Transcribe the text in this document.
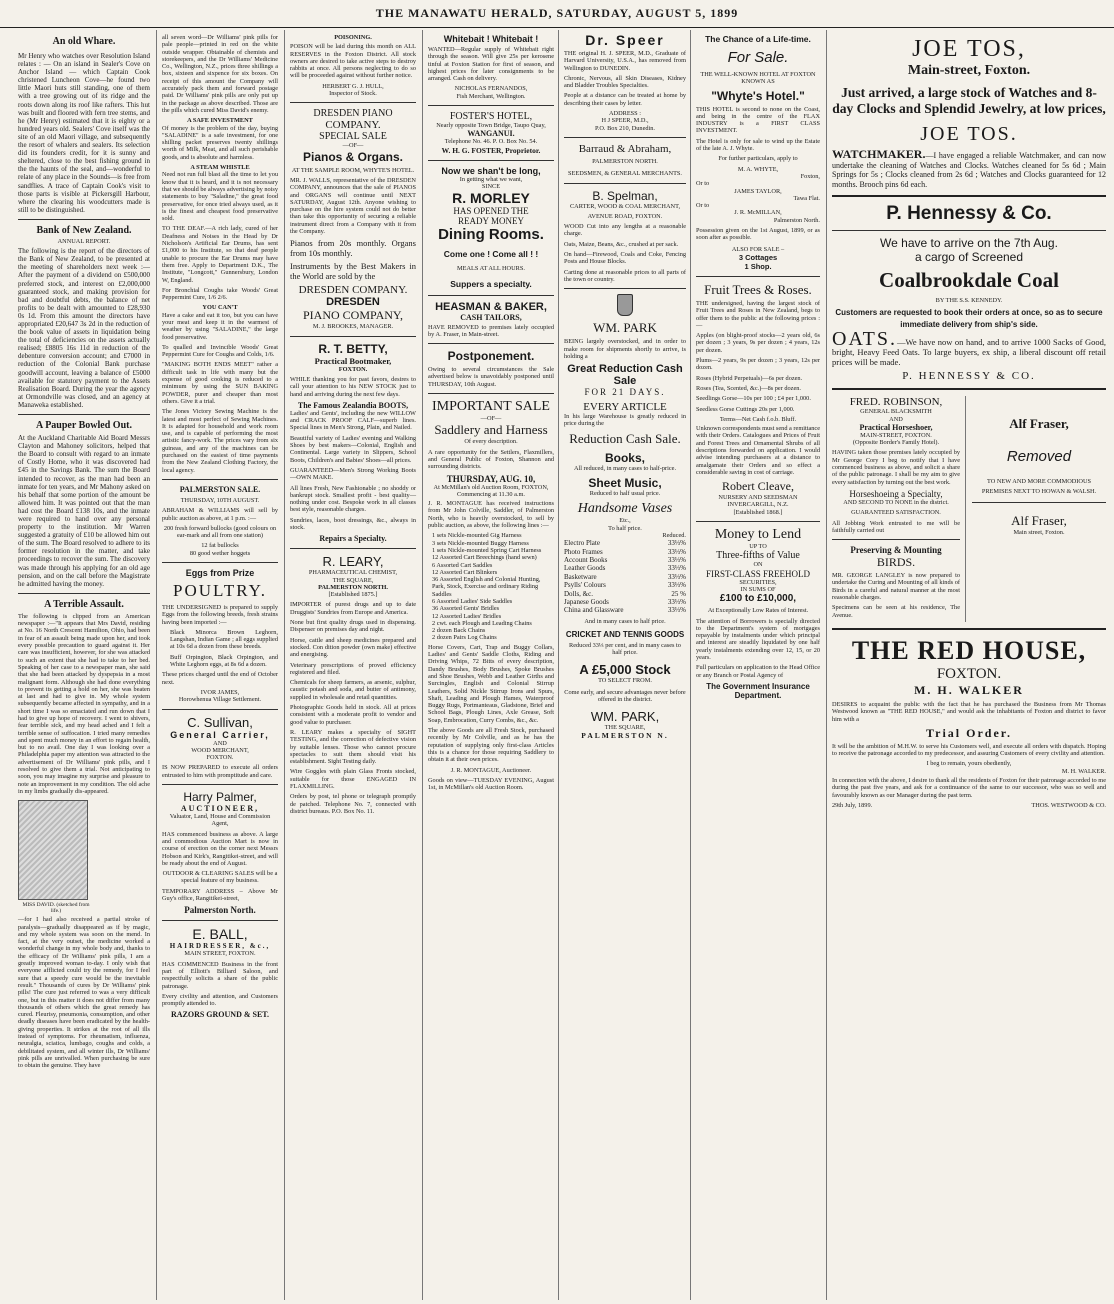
THE MANAWATU HERALD, SATURDAY, AUGUST 5, 1899
An old Whare.
Mr Henry who watches over Resolution Island relates : — On an island in Sealer's Cove on Anchor Island — which Captain Cook christened Luncheon Cove—he found two little Maori huts still standing, one of them with a tree growing out of its ridge and the roots down along its roof like rafters. This hut was built and floored with fern tree stems, and he (Mr Henry) estimated that it is eighty or a hundred years old. Sealers' Cove itself was the site of an old Maori village, and subsequently the resort of whalers and sealers. Its selection did its founders credit, for it is sunny and sheltered, close to the best fishing ground in the the haunts of the seal, and—wonderful to relate of any place in the Sounds—is free from sandflies. A trace of Captain Cook's visit to those parts is visible at Pickersgill Harbour, where the clearing his woodcutters made is still to be distinguished.
Bank of New Zealand.
ANNUAL REPORT.
The following is the report of the directors of the Bank of New Zealand, to be presented at the meeting of shareholders next week :—After the payment of a dividend on £500,000 preferred stock, and interest on £2,000,000 guaranteed stock, and making provision for bad and doubtful debts, the balance of net profits to be dealt with amounted to £28,930 0s 1d. From this amount the directors have appropriated £20,647 3s 2d in the reduction of the book value of assets in liquidation being the total of deficiencies on the assets actually realised; £8805 16s 11d in reduction of the debenture conversion account; and £7000 in reduction of the Colonial Bank purchase goodwill account, leaving a balance of £5000 available for statutory payment to the Assets Realisation Board. During the year the agency at Ormondville was closed, and an agency at Manaweka established.
A Pauper Bowled Out.
At the Auckland Charitable Aid Board Messrs Clayton and Mahoney solicitors, helped that the Board to consult with regard to an inmate of Costly Home, who it was discovered had £45 in the Savings Bank. The sum the Board intended to recover, as the man had been an inmate for ten years, and Mr Mahony asked on his behalf that some portion of the amount be allowed him. It was pointed out that the man had cost the Board £138 10s, and the inmate were required to hand over any personal property to the institution. Mr Warren suggested a gratuity of £10 be allowed him out of the sum. The Board resolved to adhere to its former resolution in the matter, and take proceedings to recover the sum. The discovery was made through his applying for an old age pension, and on the call before the Magistrate he admitted having the money.
A Terrible Assault.
The following is clipped from an American newspaper :—"It appears that Mrs David, residing at No. 16 North Crescent Hamilton, Ohio, had been in fear of an assault being made upon her, and took every possible precaution to guard against it. Her care was insufficient, however, for she was attacked to such an extent that she had to take to her bed. Speaking of her case to a newspaper man, she said that she had been attacked by dyspepsia in a most malignant form. Although she had done everything to prevent its getting a hold on her, she was beaten at last and had to give in. My whole system subsequently became affected in sympathy, and in a short time I was so emaciated and run down that I had to give up hope of recovery. I went to shivers, fear terrible sick, and my head ached and I felt a terrible sense of suffocation. I tried many remedies and spent much money in an effort to regain health, but to no avail. One day I was looking over a Philadelphia paper my attention was attracted to the advertisement of Dr Williams' pink pills, and I resolved to give them a trial. Not anticipating to soon, you may imagine my surprise and pleasure to note an improvement in my condition. The old ache in my limbs gradually dis-appeared.
MISS DAVID. (sketched from life.)
—for I had also received a partial stroke of paralysis—gradually disappeared as if by magic, and my whole system was soon on the mend. In fact, at the very outset, the medicine worked a wonderful change in my whole body and, thanks to the efficacy of Dr Williams' pink pills, I am a greatly improved woman to-day. I only wish that everyone afflicted could try the remedy, for I feel sure that a speedy cure would be the inevitable result." Thousands of cures by Dr Williams' pink pills! The cure just referred to was a very difficult one, but in this matter it does not differ from many thousands of others which the great remedy has cured. Fleurisy, pneumonia, consumption, and other deadly diseases have been eradicated by the health-giving properties. It strikes at the root of all ills instead of symptoms. For rheumatism, influenza, neuralgia, sciatica, lumbago, coughs and colds, a debilitated system, and all winter ills, Dr Williams' pink pills are unrivalled. When purchasing be sure to obtain the genuine. They have
all seven word—Dr Williams' pink pills for pale people—printed in red on the white outside wrapper. Obtainable of chemists and storekeepers, and the Dr Williams' Medicine Co., Wellington, N.Z., prices three shillings a box, sixteen and sixpence for six boxes. On receipt of this amount the Company will accurately pack them and forward postage paid. Dr Williams' pink pills are only put up in the package as above described. Those are the pills which cured Miss David's enemy.
A SAFE INVESTMENT
Of money is the problem of the day, buying "SALADINE" is a safe investment, for one shilling packet preserves twenty shillings worth of Milk, Meat, and all such perishable goods, and is absolute and harmless.
A STEAM WHISTLE
Need not run full blast all the time to let you know that it is heard, and it is not necessary that we should be always advertising by noisy statements to buy "Saladine," the great food preservative, for once tried always used, as it is the finest and cheapest food preservative sold.
TO THE DEAF.—A rich lady, cured of her Deafness and Noises in the Head by Dr Nicholson's Artificial Ear Drums, has sent £1,000 to his Institute, so that deaf people unable to procure the Ear Drums may have them free. Apply to Department D.K., The Institute, "Longcott," Gunnersbury, London W, England.
For Bronchial Coughs take Woods' Great Peppermint Cure, 1/6 2/6.
YOU CAN'T
Have a cake and eat it too, but you can have your meat and keep it in the warmest of weather by using "SALADINE," the large food preservative.
To qualled and Invincible Woods' Great Peppermint Cure for Coughs and Colds, 1/6.
"MAKING BOTH ENDS MEET" rather a difficult task in life with many but the expense of good cooking is reduced to a minimum by using the SUN BAKING POWDER, purer and cheaper than most others. Give it a trial.
The Jones Victory Sewing Machine is the latest and most perfect of Sewing Machines. It is adapted for household and work room use, and is capable of performing the most artistic fancy-work. The prices vary from six guineas, and any of the machines can be purchased on the easiest of time payments from the New Zealand Clothing Factory, the local agency.
PALMERSTON SALE.
THURSDAY, 10TH AUGUST.
ABRAHAM & WILLIAMS will sell by public auction as above, at 1 p.m. :—
200 fresh forward bullocks (good colours on ear-mark and all from one station)
12 fat bullocks
80 good wether hoggets
Eggs from Prize
POULTRY.
THE UNDERSIGNED is prepared to supply Eggs from the following breeds, fresh strains having been imported :—
Black Minorca Brown Leghorn, Langshan, Indian Game ; all eggs supplied at 10s 6d a dozen from these breeds.
Buff Orpington, Black Orpington, and White Leghorn eggs, at 8s 6d a dozen.
These prices charged until the end of October next.
IVOR JAMES,
Horowhenua Village Settlement.
C. Sullivan,
General Carrier,
AND
WOOD MERCHANT,
FOXTON.
IS NOW PREPARED to execute all orders entrusted to him with promptitude and care.
Harry Palmer,
AUCTIONEER,
Valuator, Land, House and Commission Agent,
HAS commenced business as above. A large and commodious Auction Mart is now in course of erection on the corner next Messrs Hobson and Kirk's, Rangitikei-street, and will be ready about the end of August.
OUTDOOR & CLEARING SALES will be a special feature of my business.
TEMPORARY ADDRESS – Above Mr Guy's office, Rangitikei-street,
Palmerston North.
E. BALL,
HAIRDRESSER, &c.,
MAIN STREET, FOXTON.
HAS COMMENCED Business in the front part of Elliott's Billiard Saloon, and respectfully solicits a share of the public patronage.
Every civility and attention, and Customers promptly attended to.
RAZORS GROUND & SET.
POISONING.
POISON will be laid during this month on ALL RESERVES in the Foxton District. All stock owners are desired to take active steps to destroy rabbits at once. All persons neglecting to do so will be proceeded against without further notice.
HERBERT G. J. HULL,
Inspector of Stock.
DRESDEN PIANO
COMPANY.
SPECIAL SALE
—OF—
Pianos & Organs.
AT THE SAMPLE ROOM, WHYTE'S HOTEL.
MR. J. WALLS, representative of the DRESDEN COMPANY, announces that the sale of PIANOS and ORGANS will continue until NEXT SATURDAY, August 12th. Anyone wishing to purchase on the hire system could not do better than take this opportunity of securing a reliable instrument direct from a Company with it from the Company.
Pianos from 20s monthly. Organs from 10s monthly.
Instruments by the Best Makers in the World are sold by the
DRESDEN COMPANY.
DRESDEN
PIANO COMPANY,
M. J. BROOKES, MANAGER.
R. T. BETTY,
Practical Bootmaker,
FOXTON.
WHILE thanking you for past favors, desires to call your attention to his NEW STOCK just to hand and arriving during the next few days.
The Famous Zealandia BOOTS,
Ladies' and Gents', including the new WILLOW and CRACK PROOF CALF—superb lines. Special lines in Men's Strong, Plain, and Nailed.
Beautiful variety of Ladies' evening and Walking Shoes by best makers—Colonial, English and Continental. Large variety in Slippers, School Boots, Children's and Babies' Shoes—all prices.
GUARANTEED—Men's Strong Working Boots—OWN MAKE.
All lines Fresh, New Fashionable ; no shoddy or bankrupt stock. Smallest profit - best quality—nothing under cost. Bespoke work in all classes best style, reasonable charges.
Sundries, laces, boot dressings, &c., always in stock.
Repairs a Specialty.
R. LEARY,
PHARMACEUTICAL CHEMIST,
THE SQUARE,
PALMERSTON NORTH.
[Established 1875.]
IMPORTER of purest drugs and up to date Druggists' Sundries from Europe and America.
None but first quality drugs used in dispensing. Dispenser on premises day and night.
Horse, cattle and sheep medicines prepared and stocked. Con dition powder (own make) effective and energising.
Veterinary prescriptions of proved efficiency registered and filed.
Chemicals for sheep farmers, as arsenic, sulphur, caustic potash and soda, and butter of antimony, supplied in wholesale and retail quantities.
Photographic Goods held in stock. All at prices consistent with a moderate profit to vendor and good value to purchaser.
R. LEARY makes a specialty of SIGHT TESTING, and the correction of defective vision by suitable lenses. Those who cannot procure spectacles to suit them should visit his establishment. Sight Testing daily.
Wire Goggles with plain Glass Fronts stocked, suitable for those ENGAGED IN FLAXMILLING.
Orders by post, tel phone or telegraph promptly de patched. Telephone No. 7, connected with district bureaus. P.O. Box No. 11.
Whitebait ! Whitebait !
WANTED—Regular supply of Whitebait right through the season. Will give 25s per kerosene tinful at Foxton Station for first of season, and highest prices for later consignments to be arranged. Cash on delivery.
NICHOLAS FERNANDOS,
Fish Merchant, Wellington.
FOSTER'S HOTEL,
Nearly opposite Town Bridge, Taupo Quay,
WANGANUI.
Telephone No. 46. P. O. Box No. 54.
W. H. G. FOSTER, Proprietor.
Now we shan't be long,
In getting what we want,
SINCE
R. MORLEY
HAS OPENED THE
READY MONEY
Dining Rooms.
Come one ! Come all ! !
MEALS AT ALL HOURS.
Suppers a specialty.
HEASMAN & BAKER,
CASH TAILORS,
HAVE REMOVED to premises lately occupied by A. Fraser, in Main-street.
Postponement.
Owing to several circumstances the Sale advertised below is unavoidably postponed until THURSDAY, 10th August.
IMPORTANT SALE
—OF—
Saddlery and Harness
Of every description.
A rare opportunity for the Settlers, Flaxmillers, and General Public of Foxton, Shannon and surrounding districts.
THURSDAY, AUG. 10,
At McMillan's old Auction Room, FOXTON,
Commencing at 11.30 a.m.
J. R. MONTAGUE has received instructions from Mr John Colville, Saddler, of Palmerston North, who is heavily overstocked, to sell by public auction, as above, the following lines :—
1 sets Nickle-mounted Gig Harness
3 sets Nickle-mounted Buggy Harness
1 sets Nickle-mounted Spring Cart Harness
12 Assorted Cart Breechings (hand sewn)
6 Assorted Cart Saddles
12 Assorted Cart Blinkers
36 Assorted English and Colonial Hunting, Park, Stock, Exercise and ordinary Riding Saddles
6 Assorted Ladies' Side Saddles
36 Assorted Gents' Bridles
12 Assorted Ladies' Bridles
2 cwt. each Plough and Leading Chains
2 dozen Back Chains
2 dozen Pairs Log Chains
Horse Covers, Cart, Trap and Buggy Collars, Ladies' and Gents' Saddle Cloths, Riding and Driving Whips, 72 Bitts of every description, Dandy Brushes, Body Brushes, Spoke Brushes and Shoe Brushes, Webb and Leather Girths and Surcingles, English and Colonial Stirrup Leathers, Solid Nickle Stirrup Irons and Spurs, Shaft, Leading and Plough Hames, Waterproof Buggy Rugs, Portmanteaus, Gladstone, Brief and School Bags, Plough Lines, Axle Grease, Soft Soap, Embrocation, Curry Combs, &c., &c.
The above Goods are all Fresh Stock, purchased recently by Mr Colville, and as he has the reputation of supplying only first-class Articles this is a chance for those requiring Saddlery to obtain it at their own prices.
J. R. MONTAGUE, Auctioneer.
Goods on view—TUESDAY EVENING, August 1st, in McMillan's old Auction Room.
Dr. Speer
THE original H. J. SPEER, M.D., Graduate of Harvard University, U.S.A., has removed from Wellington to DUNEDIN.
Chronic, Nervous, all Skin Diseases, Kidney and Bladder Troubles Specialties.
People at a distance can be treated at home by describing their cases by letter.
ADDRESS :
H J SPEER, M.D.,
P.O. Box 210, Dunedin.
Barraud & Abraham,
PALMERSTON NORTH.
SEEDSMEN, & GENERAL MERCHANTS.
B. Spelman,
CARTER, WOOD & COAL MERCHANT,
AVENUE ROAD, FOXTON.
WOOD Cut into any lengths at a reasonable charge.
Oats, Maize, Beans, &c., crushed at per sack.
On hand—Firewood, Coals and Coke, Fencing Posts and House Blocks.
Carting done at reasonable prices to all parts of the town or country.
WM. PARK
BEING largely overstocked, and in order to make room for shipments shortly to arrive, is holding a
Great Reduction Cash Sale
FOR 21 DAYS.
EVERY ARTICLE
In his large Warehouse is greatly reduced in price during the
Reduction Cash Sale.
Books,
All reduced, in many cases to half-price.
Sheet Music,
Reduced to half usual price.
Handsome Vases
Etc.,
To half price.
Reduced.
Electro Plate	33⅓%
Photo Frames	33⅓%
Account Books	33⅓%
Leather Goods	33⅓%
Basketware	33⅓%
Psylls' Colours	33⅓%
Dolls, &c.	25 %
Japanese Goods	33⅓%
China and Glassware	33⅓%
And in many cases to half price.
CRICKET AND TENNIS GOODS
Reduced 33⅓ per cent, and in many cases to half price.
A £5,000 Stock
TO SELECT FROM.
Come early, and secure advantages never before offered in the district.
WM. PARK,
THE SQUARE,
PALMERSTON N.
The Chance of a Life-time.
For Sale.
THE WELL-KNOWN HOTEL AT FOXTON
KNOWN AS
"Whyte's Hotel."
THIS HOTEL is second to none on the Coast, and being in the centre of the FLAX INDUSTRY is a FIRST CLASS INVESTMENT.
The Hotel is only for sale to wind up the Estate of the late A. J. Whyte.
For further particulars, apply to
M. A. WHYTE,
Foxton,
Or to
JAMES TAYLOR,
Tawa Flat.
Or to
J. R. McMILLAN,
Palmerston North.
Possession given on the 1st August, 1899, or as soon after as possible.
ALSO FOR SALE –
3 Cottages
1 Shop.
Fruit Trees & Roses.
THE undersigned, having the largest stock of Fruit Trees and Roses in New Zealand, begs to offer them to the public at the following prices :—
Apples (on blight-proof stocks—2 years old, 6s per dozen ; 3 years, 9s per dozen ; 4 years, 12s per dozen.
Plums—2 years, 9s per dozen ; 3 years, 12s per dozen.
Roses (Hybrid Perpetuals)—6s per dozen.
Roses (Tea, Scented, &c.)—8s per dozen.
Seedlings Gorse—10s per 100 ; £4 per 1,000.
Seedless Gorse Cuttings 20s per 1,000.
Terms—Net Cash f.o.b. Bluff.
Unknown correspondents must send a remittance with their Orders. Catalogues and Prices of Fruit and Forest Trees and Ornamental Shrubs of all descriptions forwarded on application. I would advise intending purchasers at a distance to amalgamate their Orders and so effect a considerable saving in cost of carriage.
Robert Cleave,
NURSERY AND SEEDSMAN
INVERCARGILL, N.Z.
[Established 1868.]
Money to Lend
UP TO
Three-fifths of Value
ON
FIRST-CLASS FREEHOLD
SECURITIES,
IN SUMS OF
£100 to £10,000,
At Exceptionally Low Rates of Interest.
The attention of Borrowers is specially directed to the Department's system of mortgages repayable by instalments under which principal and interest are steadily liquidated by one half yearly instalments extending over 12, 15, or 20 years.
Full particulars on application to the Head Office or any Branch or Postal Agency of
The Government Insurance Department.
JOE TOS,
Main-street, Foxton.
Just arrived, a large stock of Watches and 8-day Clocks and Splendid Jewelry, at low prices,
JOE TOS.
WATCHMAKER.—I have engaged a reliable Watchmaker, and can now undertake the cleaning of Watches and Clocks. Watches cleaned for 5s 6d ; Main Springs for 5s ; Clocks cleaned from 2s 6d ; Watches and Clocks guaranteed for 12 months. Brooch pins 6d each.
P. Hennessy & Co.
We have to arrive on the 7th Aug.
a cargo of Screened
Coalbrookdale Coal
BY THE S.S. KENNEDY.
Customers are requested to book their orders at once, so as to secure immediate delivery from ship's side.
OATS.—We have now on hand, and to arrive 1000 Sacks of Good, bright, Heavy Feed Oats. To large buyers, ex ship, a liberal discount off retail prices will be made.
P. HENNESSY & CO.
FRED. ROBINSON,
GENERAL BLACKSMITH
AND
Practical Horseshoer,
MAIN-STREET, FOXTON.
(Opposite Border's Family Hotel).
HAVING taken those premises lately occupied by Mr George Cory I beg to notify that I have commenced business as above, and solicit a share of the public patronage. I shall be my aim to give every satisfaction by turning out the best work.
Horseshoeing a Specialty,
AND SECOND TO NONE in the district.
GUARANTEED SATISFACTION.
All Jobbing Work entrusted to me will be faithfully carried out
Preserving & Mounting
BIRDS.
MR. GEORGE LANGLEY is now prepared to undertake the Curing and Mounting of all kinds of Birds in a careful and natural manner at the most reasonable charges.
Specimens can be seen at his residence, The Avenue.
Alf Fraser,
Removed
TO NEW AND MORE COMMODIOUS PREMISES NEXT TO HOWAN & WALSH.
Alf Fraser,
Main street, Foxton.
THE RED HOUSE,
FOXTON.
M. H. WALKER
DESIRES to acquaint the public with the fact that he has purchased the Business from Mr Thomas Westwood known as "THE RED HOUSE," and would ask the inhabitants of Foxton and district to favor him with a
Trial Order.
It will be the ambition of M.H.W. to serve his Customers well, and execute all orders with dispatch. Hoping to receive the patronage accorded to my predecessor, and assuring Customers of every civility and attention.
I beg to remain, yours obediently,
M. H. WALKER.
In connection with the above, I desire to thank all the residents of Foxton for their patronage accorded to me during the past five years, and ask for a continuance of the same to our successor, who was so well and favourably known as our Manager during the past term.
29th July, 1899.	THOS. WESTWOOD & CO.
